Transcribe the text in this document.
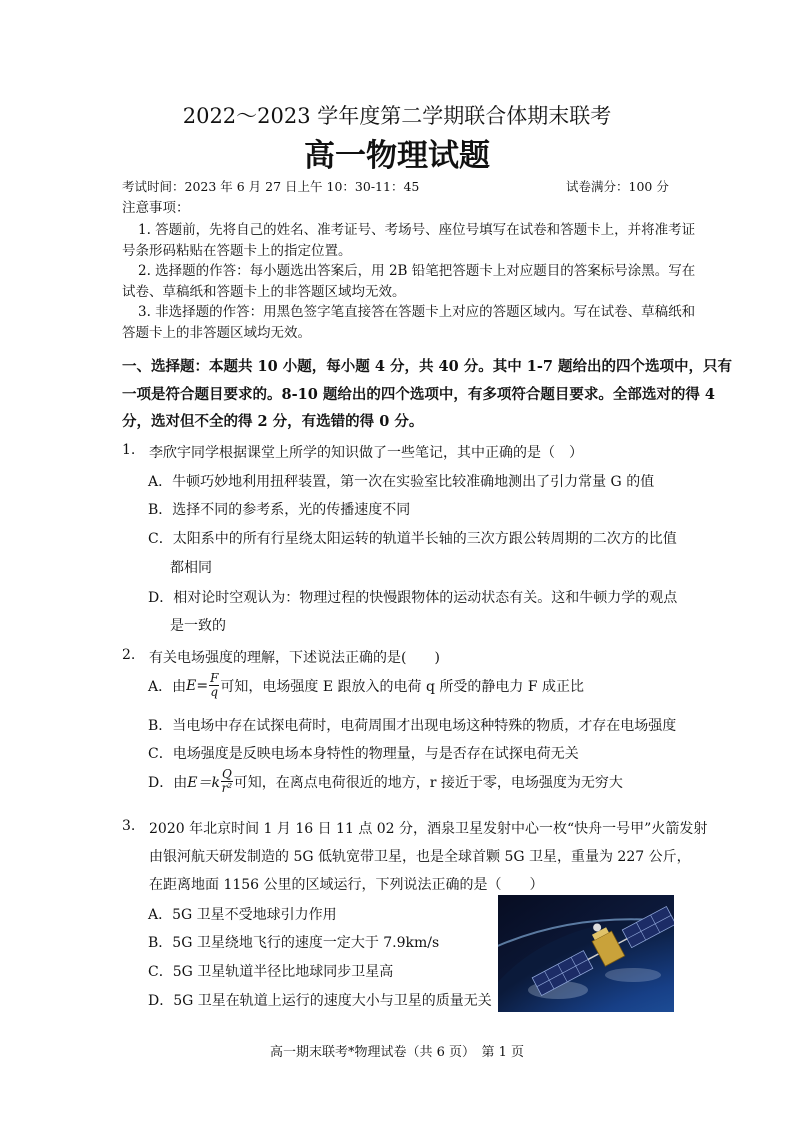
2022～2023 学年度第二学期联合体期末联考
高一物理试题
考试时间：2023 年 6 月 27 日上午 10：30-11：45	试卷满分：100 分
注意事项：
1. 答题前，先将自己的姓名、准考证号、考场号、座位号填写在试卷和答题卡上，并将准考证
号条形码粘贴在答题卡上的指定位置。
2. 选择题的作答：每小题选出答案后，用 2B 铅笔把答题卡上对应题目的答案标号涂黑。写在
试卷、草稿纸和答题卡上的非答题区域均无效。
3. 非选择题的作答：用黑色签字笔直接答在答题卡上对应的答题区域内。写在试卷、草稿纸和
答题卡上的非答题区域均无效。
一、选择题：本题共 10 小题，每小题 4 分，共 40 分。其中 1-7 题给出的四个选项中，只有
一项是符合题目要求的。8-10 题给出的四个选项中，有多项符合题目要求。全部选对的得 4
分，选对但不全的得 2 分，有选错的得 0 分。
1. 李欣宇同学根据课堂上所学的知识做了一些笔记，其中正确的是（　）
A．牛顿巧妙地利用扭秤装置，第一次在实验室比较准确地测出了引力常量 G 的值
B．选择不同的参考系，光的传播速度不同
C．太阳系中的所有行星绕太阳运转的轨道半长轴的三次方跟公转周期的二次方的比值
都相同
D．相对论时空观认为：物理过程的快慢跟物体的运动状态有关。这和牛顿力学的观点
是一致的
2. 有关电场强度的理解，下述说法正确的是(　　)
A．由 $E = \frac{F}{q}$ 可知，电场强度 E 跟放入的电荷 q 所受的静电力 F 成正比
B．当电场中存在试探电荷时，电荷周围才出现电场这种特殊的物质，才存在电场强度
C．电场强度是反映电场本身特性的物理量，与是否存在试探电荷无关
D．由 $E=k \frac{Q}{\text{r²}}$ 可知，在离点电荷很近的地方，r 接近于零，电场强度为无穷大
3. 2020 年北京时间 1 月 16 日 11 点 02 分，酒泉卫星发射中心一枚“快舟一号甲”火箭发射
由银河航天研发制造的 5G 低轨宽带卫星，也是全球首颗 5G 卫星，重量为 227 公斤，
在距离地面 1156 公里的区域运行，下列说法正确的是（　　）
A．5G 卫星不受地球引力作用
B．5G 卫星绕地飞行的速度一定大于 7.9km/s
C．5G 卫星轨道半径比地球同步卫星高
D．5G 卫星在轨道上运行的速度大小与卫星的质量无关
高一期末联考*物理试卷（共 6 页）　第 1 页
